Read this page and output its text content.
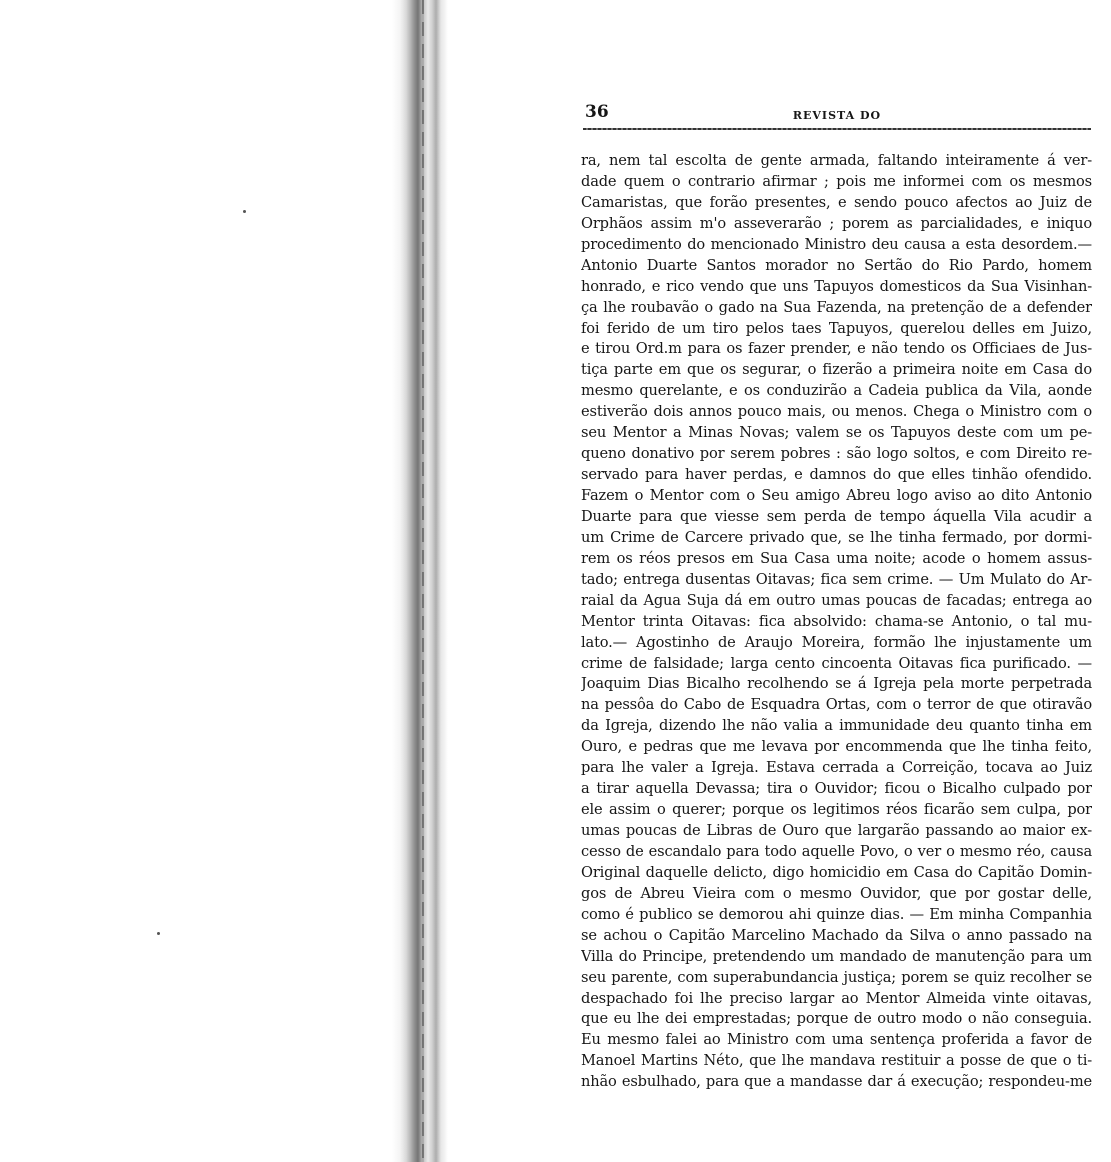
36	REVISTA DO
ra, nem tal escolta de gente armada, faltando inteiramente á ver-
dade quem o contrario afirmar ; pois me informei com os mesmos
Camaristas, que forão presentes, e sendo pouco afectos ao Juiz de
Orphãos assim m'o asseverarão ; porem as parcialidades, e iniquo
procedimento do mencionado Ministro deu causa a esta desordem.—
Antonio Duarte Santos morador no Sertão do Rio Pardo, homem
honrado, e rico vendo que uns Tapuyos domesticos da Sua Visinhan-
ça lhe roubavão o gado na Sua Fazenda, na pretenção de a defender
foi ferido de um tiro pelos taes Tapuyos, querelou delles em Juizo,
e tirou Ord.m para os fazer prender, e não tendo os Officiaes de Jus-
tiça parte em que os segurar, o fizerão a primeira noite em Casa do
mesmo querelante, e os conduzirão a Cadeia publica da Vila, aonde
estiverão dois annos pouco mais, ou menos. Chega o Ministro com o
seu Mentor a Minas Novas; valem se os Tapuyos deste com um pe-
queno donativo por serem pobres : são logo soltos, e com Direito re-
servado para haver perdas, e damnos do que elles tinhão ofendido.
Fazem o Mentor com o Seu amigo Abreu logo aviso ao dito Antonio
Duarte para que viesse sem perda de tempo áquella Vila acudir a
um Crime de Carcere privado que, se lhe tinha fermado, por dormi-
rem os réos presos em Sua Casa uma noite; acode o homem assus-
tado; entrega dusentas Oitavas; fica sem crime. — Um Mulato do Ar-
raial da Agua Suja dá em outro umas poucas de facadas; entrega ao
Mentor trinta Oitavas: fica absolvido: chama-se Antonio, o tal mu-
lato.— Agostinho de Araujo Moreira, formão lhe injustamente um
crime de falsidade; larga cento cincoenta Oitavas fica purificado. —
Joaquim Dias Bicalho recolhendo se á Igreja pela morte perpetrada
na pessôa do Cabo de Esquadra Ortas, com o terror de que otiravão
da Igreja, dizendo lhe não valia a immunidade deu quanto tinha em
Ouro, e pedras que me levava por encommenda que lhe tinha feito,
para lhe valer a Igreja. Estava cerrada a Correição, tocava ao Juiz
a tirar aquella Devassa; tira o Ouvidor; ficou o Bicalho culpado por
ele assim o querer; porque os legitimos réos ficarão sem culpa, por
umas poucas de Libras de Ouro que largarão passando ao maior ex-
cesso de escandalo para todo aquelle Povo, o ver o mesmo réo, causa
Original daquelle delicto, digo homicidio em Casa do Capitão Domin-
gos de Abreu Vieira com o mesmo Ouvidor, que por gostar delle,
como é publico se demorou ahi quinze dias. — Em minha Companhia
se achou o Capitão Marcelino Machado da Silva o anno passado na
Villa do Principe, pretendendo um mandado de manutenção para um
seu parente, com superabundancia justiça; porem se quiz recolher se
despachado foi lhe preciso largar ao Mentor Almeida vinte oitavas,
que eu lhe dei emprestadas; porque de outro modo o não conseguia.
Eu mesmo falei ao Ministro com uma sentença proferida a favor de
Manoel Martins Néto, que lhe mandava restituir a posse de que o ti-
nhão esbulhado, para que a mandasse dar á execução; respondeu-me
